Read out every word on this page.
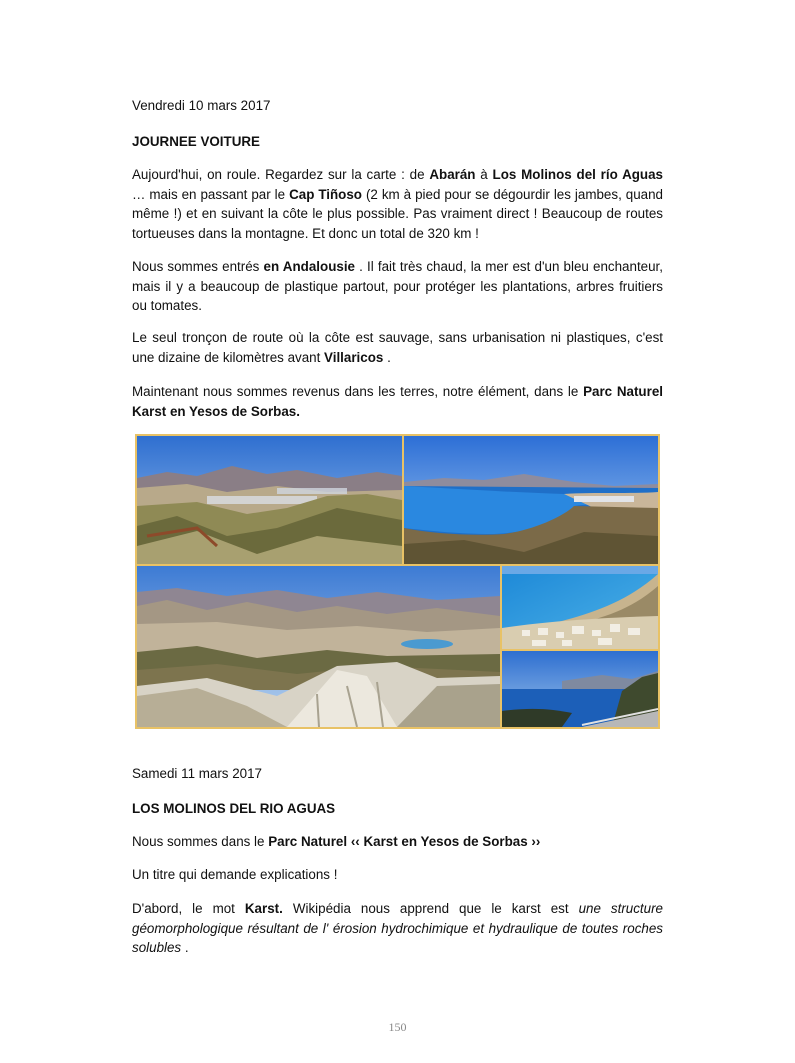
Vendredi 10 mars 2017
JOURNEE VOITURE

Aujourd'hui, on roule. Regardez sur la carte : de Abarán à Los Molinos del río Aguas … mais en passant par le Cap Tiñoso (2 km à pied pour se dégourdir les jambes, quand même !) et en suivant la côte le plus possible. Pas vraiment direct ! Beaucoup de routes tortueuses dans la montagne. Et donc un total de 320 km !

Nous sommes entrés en Andalousie . Il fait très chaud, la mer est d'un bleu enchanteur, mais il y a beaucoup de plastique partout, pour protéger les plantations, arbres fruitiers ou tomates.

Le seul tronçon de route où la côte est sauvage, sans urbanisation ni plastiques, c'est une dizaine de kilomètres avant Villaricos .

Maintenant nous sommes revenus dans les terres, notre élément, dans le Parc Naturel Karst en Yesos de Sorbas.

Samedi 11 mars 2017
LOS MOLINOS DEL RIO AGUAS

Nous sommes dans le Parc Naturel ‹‹ Karst en Yesos de Sorbas ››

Un titre qui demande explications !

D'abord, le mot Karst. Wikipédia nous apprend que le karst est une structure géomorphologique résultant de l' érosion hydrochimique et hydraulique de toutes roches solubles .

150
